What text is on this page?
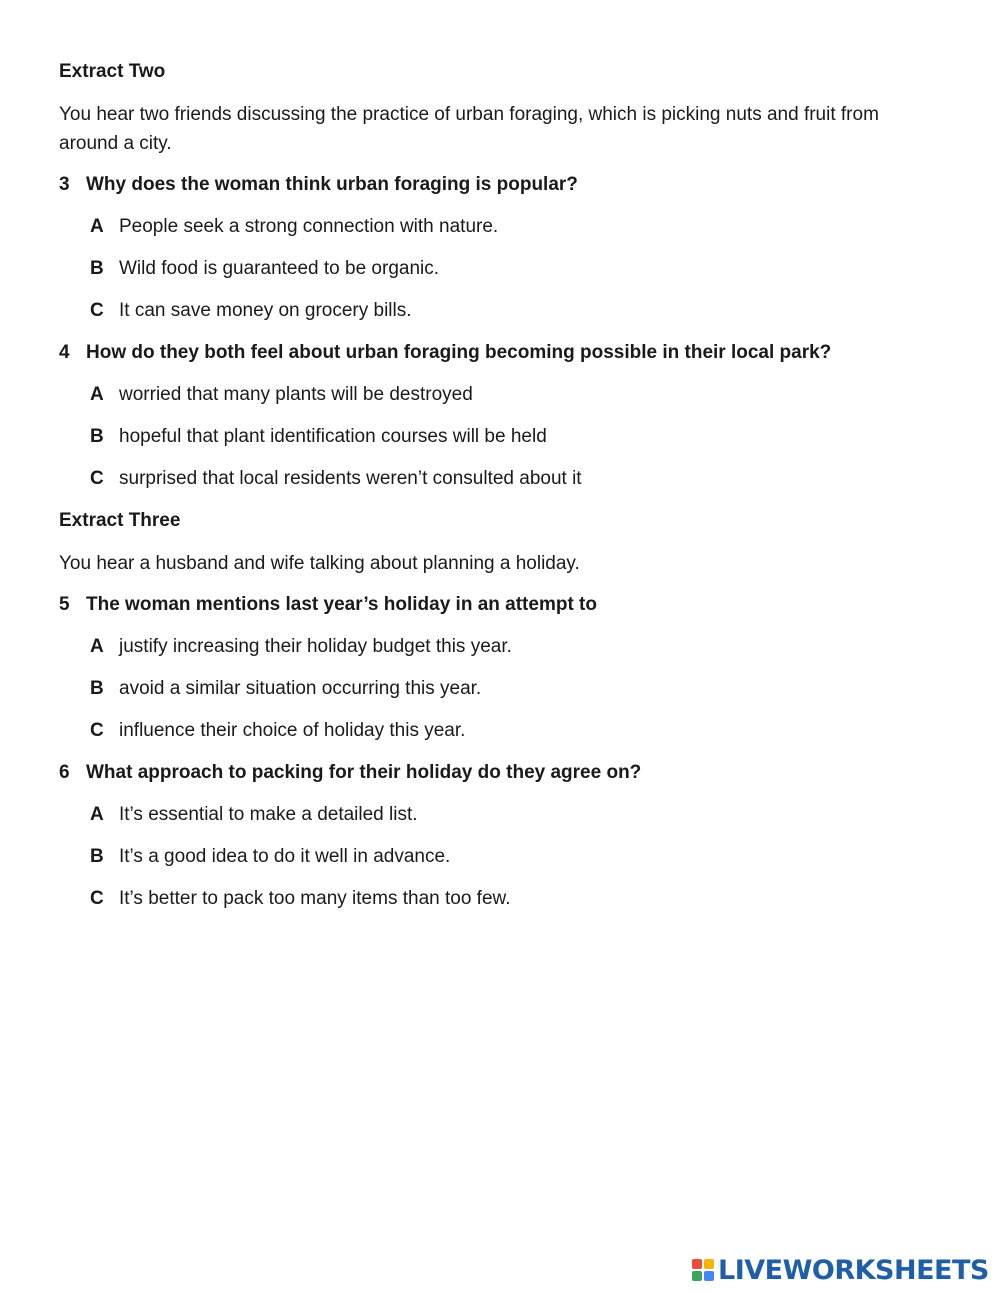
Extract Two
You hear two friends discussing the practice of urban foraging, which is picking nuts and fruit from around a city.
3 Why does the woman think urban foraging is popular?
A People seek a strong connection with nature.
B Wild food is guaranteed to be organic.
C It can save money on grocery bills.
4 How do they both feel about urban foraging becoming possible in their local park?
A worried that many plants will be destroyed
B hopeful that plant identification courses will be held
C surprised that local residents weren’t consulted about it
Extract Three
You hear a husband and wife talking about planning a holiday.
5 The woman mentions last year’s holiday in an attempt to
A justify increasing their holiday budget this year.
B avoid a similar situation occurring this year.
C influence their choice of holiday this year.
6 What approach to packing for their holiday do they agree on?
A It’s essential to make a detailed list.
B It’s a good idea to do it well in advance.
C It’s better to pack too many items than too few.
LIVEWORKSHEETS
